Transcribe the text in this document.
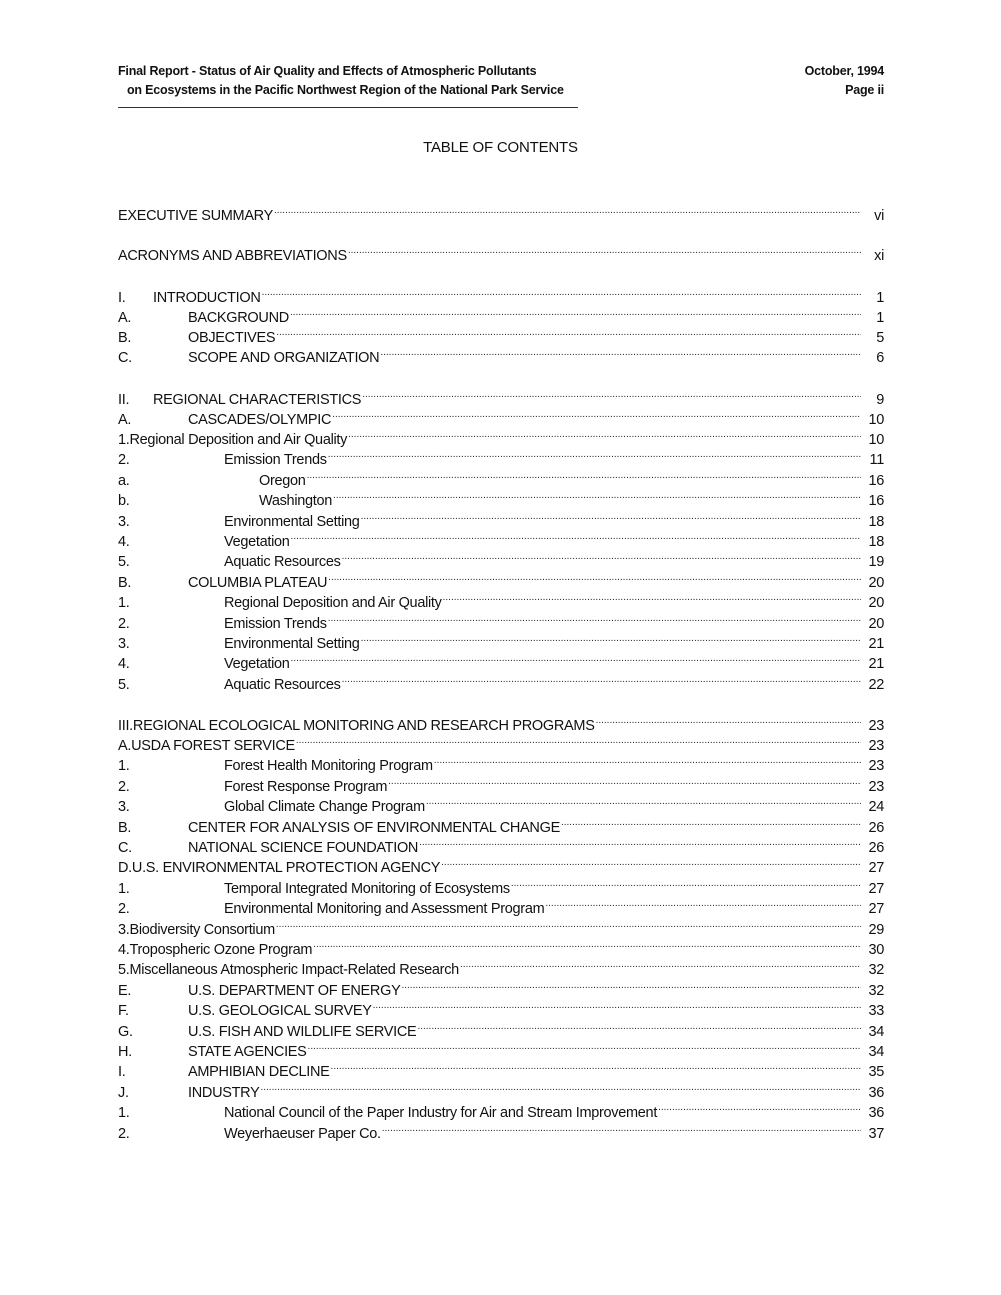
Final Report - Status of Air Quality and Effects of Atmospheric Pollutants	October, 1994
on Ecosystems in the Pacific Northwest Region of the National Park Service	Page ii
TABLE OF CONTENTS
EXECUTIVE SUMMARY .....	vi
ACRONYMS AND ABBREVIATIONS .....	xi
I.	INTRODUCTION .....	1
A.	BACKGROUND .....	1
B.	OBJECTIVES .....	5
C.	SCOPE AND ORGANIZATION .....	6
II.	REGIONAL CHARACTERISTICS .....	9
A.	CASCADES/OLYMPIC .....	10
1. Regional Deposition and Air Quality .....	10
2.	Emission Trends .....	11
a.	Oregon .....	16
b.	Washington .....	16
3.	Environmental Setting .....	18
4.	Vegetation .....	18
5.	Aquatic Resources .....	19
B.	COLUMBIA PLATEAU .....	20
1.	Regional Deposition and Air Quality .....	20
2.	Emission Trends .....	20
3.	Environmental Setting .....	21
4.	Vegetation .....	21
5.	Aquatic Resources .....	22
III. REGIONAL ECOLOGICAL MONITORING AND RESEARCH PROGRAMS .....	23
A. USDA FOREST SERVICE .....	23
1.	Forest Health Monitoring Program .....	23
2.	Forest Response Program .....	23
3.	Global Climate Change Program .....	24
B.	CENTER FOR ANALYSIS OF ENVIRONMENTAL CHANGE .....	26
C.	NATIONAL SCIENCE FOUNDATION .....	26
D. U.S. ENVIRONMENTAL PROTECTION AGENCY .....	27
1.	Temporal Integrated Monitoring of Ecosystems .....	27
2.	Environmental Monitoring and Assessment Program .....	27
3. Biodiversity Consortium .....	29
4. Tropospheric Ozone Program .....	30
5. Miscellaneous Atmospheric Impact-Related Research .....	32
E.	U.S. DEPARTMENT OF ENERGY .....	32
F.	U.S. GEOLOGICAL SURVEY .....	33
G.	U.S. FISH AND WILDLIFE SERVICE .....	34
H.	STATE AGENCIES .....	34
I.	AMPHIBIAN DECLINE .....	35
J.	INDUSTRY .....	36
1.	National Council of the Paper Industry for Air and Stream Improvement .....	36
2.	Weyerhaeuser Paper Co. .....	37
